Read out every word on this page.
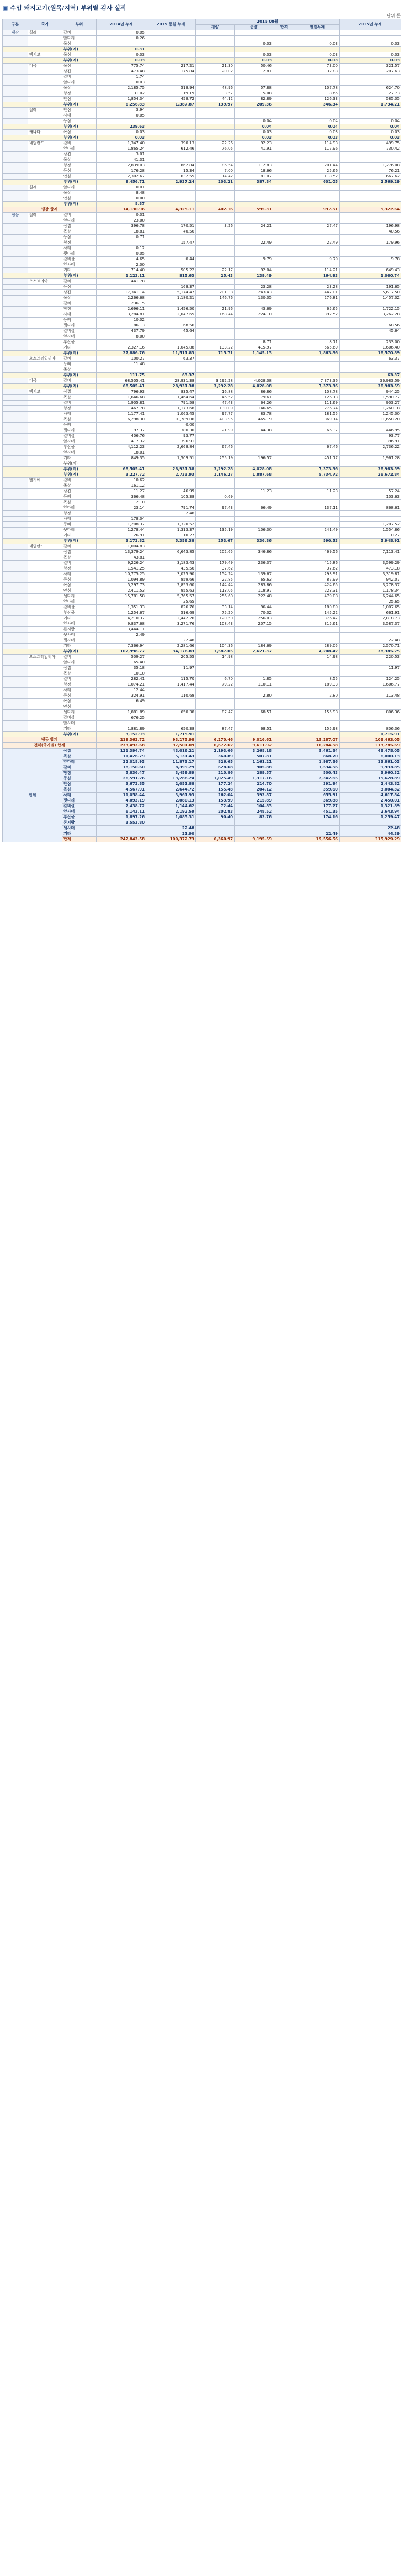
▣ 수입 돼지고기(원목/지역) 부위별 검사 실적
단위:톤
구분	국가	부위	2014년 누계	2015 동월 누계	2015 08월				2015년 누계
					검량	중량	합격	일월누계	
냉장	칠레	갈비	0.05						
		앞다리	0.26						
		목심				0.03		0.03	0.03
		부위(계)	0.31						
	멕시코	목심	0.03			0.03		0.03	0.03
		부위(계)	0.03			0.03		0.03	0.03
	미국	목심	775.74	217.21	21.30	50.46		73.00	321.57
		삼겹	473.48	175.84	20.02	12.81		32.83	207.63
		갈비	1.74						
		앞다리	0.03						
		목살	2,185.75	518.94	48.96	57.88		107.78	624.70
		항정	31.02	19.19	3.57	5.08		8.65	27.73
		안심	1,854.34	458.72	44.12	82.89		126.33	585.05
		부위(계)	6,256.83	1,387.87	139.97	209.36		346.34	1,734.21
	칠레	안심	3.94						
		사태	0.05						
		등심				0.04		0.04	0.04
		부위(계)	239.63			0.04		0.04	0.04
	캐나다	목심	0.03			0.03		0.03	0.03
		부위(계)	0.03			0.03		0.03	0.03
	네덜란드	갈비	1,347.40	390.13	22.26	92.23		114.93	499.75
		앞다리	1,865.24	612.46	76.05	41.91		117.96	730.42
		삼겹	3.01						
		목살	41.31						
		항정	2,839.03	862.84	86.54	112.83		201.44	1,276.08
		등심	176.28	15.34	7.00	18.66		25.66	76.21
		안심	2,302.67	632.55	14.42	81.07		118.52	667.62
		부위(계)	9,456.71	2,937.24	203.21	387.84		601.05	2,569.29
	칠레	앞다리	0.01						
		목살	8.48						
		안심	0.00						
		부위(계)	8.87						
냉장 합계			14,130.96	4,325.11	402.16	595.31		997.51	5,322.64
냉동	칠레	갈비	0.01						
		앞다리	23.00						
		삼겹	396.78	170.51	3.26	24.21		27.47	196.98
		목살	18.81	40.56					40.56
		등심	0.71						
		항정		157.47		22.49		22.49	179.96
		사태	0.12						
		뒷다리	0.05						
		갈비살	4.65	0.44		9.79		9.79	9.78
		앞사태	2.00						
		기타	714.40	505.22	22.17	92.04		114.21	649.43
		부위(계)	1,123.11	815.63	25.43	139.49		164.93	1,080.74
	오스트리아	갈비	441.78						
		등심		168.37		23.28		23.28	191.65
		삼겹	17,341.14	5,174.47	201.38	243.43		447.01	5,617.50
		목살	2,266.68	1,180.21	146.76	130.05		276.81	1,457.02
		갈비	236.15						
		항정	2,696.11	1,456.50	21.96	43.69		65.65	1,722.15
		사태	3,284.81	2,047.65	168.44	224.10		392.52	3,262.28
		등뼈	10.02						
		뒷다리	86.13	68.56					68.56
		갈비살	437.79	45.64					45.64
		앞사태	8.00						
		부산물				8.71		8.71	233.00
		기타	2,327.16	1,045.88	133.22	415.97		565.69	1,606.40
		부위(계)	27,886.76	11,511.83	715.71	1,145.13		1,863.86	16,570.89
	오스트레일리아	갈비	100.27	63.37					63.37
		등뼈	11.48						
		목살							
		부위(계)	111.75	63.37					63.37
	미국	갈비	68,505.41	28,931.38	3,292.28	4,028.08		7,373.36	36,983.59
		부위(계)	68,505.41	28,931.38	3,292.28	4,028.08		7,373.36	36,983.59
	멕시코	삼겹	796.93	835.47	16.88	86.86		108.78	944.25
		목살	1,646.68	1,464.64	46.52	79.61		126.13	1,590.77
		갈비	1,905.81	791.58	47.43	64.26		111.69	903.27
		항정	467.78	1,173.68	130.09	146.65		276.74	1,260.18
		사태	1,177.41	1,063.45	97.77	83.78		181.55	1,245.00
		목심	6,298.30	10,789.06	403.95	465.19		869.14	11,658.20
		등뼈		0.00					
		뒷다리	97.37	380.30	21.99	44.38		66.37	446.95
		갈비살	406.76	93.77					93.77
		앞사태	417.32	396.91					396.91
		부산물	4,112.23	2,668.84	67.46			67.46	2,736.22
		앞사태	18.01						
		기타	849.35	1,509.51	255.19	196.57		451.77	1,961.28
		부위(계)							
		부위(계)	68,505.41	28,931.38	3,292.28	4,028.08		7,373.36	36,983.59
		부위(계)	3,227.72	2,733.93	1,146.27	1,887.68		5,734.72	26,672.84
	벨기에	갈비	10.62						
		목살	161.12						
		삼겹	11.27	46.99		11.23		11.23	57.24
		등뼈	366.48	105.38	0.69				103.63
		목심	12.10						
		앞다리	23.14	791.74	97.43	66.49		137.11	868.61
		항정		2.48					
		사태	178.04						
		등뼈	1,208.37	1,320.52					1,207.52
		뒷다리	1,278.44	1,313.37	135.19	106.30		241.49	1,554.86
		기타	26.91	10.27					10.27
		부위(계)	3,172.82	5,358.38	253.67	336.86		590.53	5,948.91
	네덜란드	갈비	1,004.83						
		삼겹	13,379.24	6,643.85	202.65	346.86		469.56	7,113.41
		목살	43.81						
		갈비	9,226.24	3,183.43	179.49	236.37		415.86	3,599.29
		항정	1,541.25	435.56	37.62			37.62	473.18
		사태	10,775.25	3,025.90	154.24	139.67		293.91	3,319.81
		등심	1,094.89	859.66	22.85	65.63		87.99	942.07
		목심	5,297.73	2,853.60	144.44	283.86		424.65	3,278.37
		안심	2,411.53	955.63	113.05	118.97		223.31	1,178.34
		뒷다리	15,781.58	5,765.57	256.60	222.48		479.08	6,244.65
		앞다리		25.65					25.65
		갈비살	1,351.33	826.76	33.14	96.44		180.89	1,007.65
		부산물	1,254.67	516.69	75.20	70.02		145.22	661.91
		기타	4,210.37	2,442.26	120.50	256.03		376.47	2,818.73
		앞사태	9,837.68	3,271.76	108.43	207.15		315.61	3,587.37
		돈지방	3,444.11						
		뒷사태	2.49						
		뒷사태		22.48					22.48
		기타	7,366.94	2,281.66	104.36	184.69		289.05	2,570.71
		부위(계)	102,998.77	34,176.83	1,587.05	2,621.37		4,208.42	38,385.25
	오스트레일리아	갈비	509.27	205.55	14.98			14.98	220.53
		앞다리	65.40						
		삼겹	35.18	11.97					11.97
		목살	10.10						
		갈비	282.41	115.70	6.70	1.85		8.55	124.25
		항정	1,074.21	1,417.44	79.22	110.11		189.33	1,606.77
		사태	12.44						
		등심	324.91	110.68		2.80		2.80	113.48
		목심	6.49						
		안심							
		뒷다리	1,881.89	650.38	87.47	68.51		155.98	806.36
		갈비살	676.25						
		앞사태							
		기타	1,881.89	650.38	87.47	68.51		155.98	806.36
		부위(계)	3,152.93	1,715.91					1,715.91
냉동 합계			219,362.72	93,175.98	6,270.46	9,016.61		15,287.07	108,463.05
전체(국가별) 합계			233,493.68	97,501.09	6,672.62	9,611.92		16,284.58	113,785.69
전체		삼겹	121,394.74	43,016.21	2,193.66	3,268.18		5,461.84	48,478.05
		목살	11,426.79	5,131.43	360.89	507.81		868.70	6,000.13
		앞다리	22,018.93	11,873.17	826.65	1,161.21		1,987.86	13,861.03
		갈비	18,150.60	8,399.29	628.68	905.88		1,534.56	9,933.85
		항정	5,836.47	3,459.89	210.86	289.57		500.43	3,960.32
		등심	26,591.26	13,286.24	1,025.49	1,317.16		2,342.65	15,628.89
		안심	3,672.85	2,051.88	177.24	214.70		391.94	2,443.82
		목심	4,567.91	2,644.72	155.48	204.12		359.60	3,004.32
		사태	11,058.44	3,961.93	262.04	393.87		655.91	4,617.84
		뒷다리	4,093.19	2,080.13	153.99	215.89		369.88	2,450.01
		갈비살	2,438.72	1,144.62	72.44	104.83		177.27	1,321.89
		앞사태	6,143.11	2,192.59	202.83	248.52		451.35	2,643.94
		부산물	1,897.26	1,085.31	90.40	83.76		174.16	1,259.47
		돈지방	3,553.80						
		뒷사태		22.48					22.48
		기타		21.90				22.49	44.39
		합계	242,843.58	100,372.73	6,360.97	9,195.59		15,556.56	115,929.29
